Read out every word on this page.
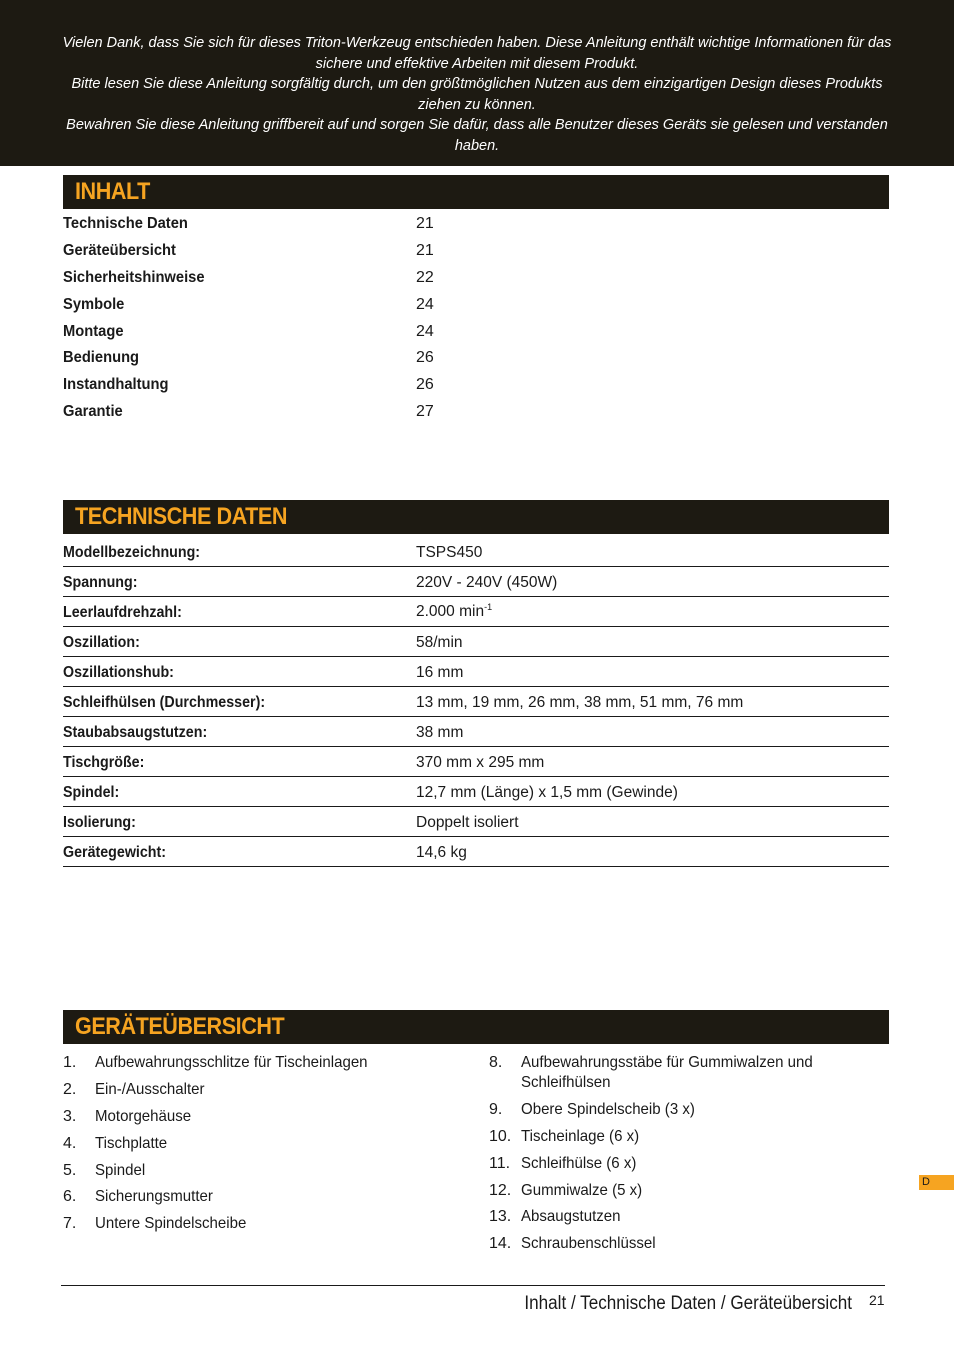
Vielen Dank, dass Sie sich für dieses Triton-Werkzeug entschieden haben. Diese Anleitung enthält wichtige Informationen für das sichere und effektive Arbeiten mit diesem Produkt.

Bitte lesen Sie diese Anleitung sorgfältig durch, um den größtmöglichen Nutzen aus dem einzigartigen Design dieses Produkts ziehen zu können.

Bewahren Sie diese Anleitung griffbereit auf und sorgen Sie dafür, dass alle Benutzer dieses Geräts sie gelesen und verstanden haben.

INHALT
Technische Daten	21
Geräteübersicht	21
Sicherheitshinweise	22
Symbole	24
Montage	24
Bedienung	26
Instandhaltung	26
Garantie	27
TECHNISCHE DATEN
Modellbezeichnung:	TSPS450
Spannung:	220V - 240V (450W)
Leerlaufdrehzahl:	2.000 $\min^{-1}$
Oszillation:	58/min
Oszillationshub:	16 mm
Schleifhülsen (Durchmesser):	13 mm, 19 mm, 26 mm, 38 mm, 51 mm, 76 mm
Staubabsaugstutzen:	38 mm
Tischgröße:	370 mm x 295 mm
Spindel:	12,7 mm (Länge) x 1,5 mm (Gewinde)
Isolierung:	Doppelt isoliert
Gerätegewicht:	14,6 kg
GERÄTEÜBERSICHT
1.	Aufbewahrungsschlitze für Tischeinlagen
2.	Ein-/Ausschalter
3.	Motorgehäuse
4.	Tischplatte
5.	Spindel
6.	Sicherungsmutter
7.	Untere Spindelscheibe
8.	Aufbewahrungsstäbe für Gummiwalzen und Schleifhülsen
9.	Obere Spindelscheib (3 x)
10. Tischeinlage (6 x)
11. Schleifhülse (6 x)
12. Gummiwalze (5 x)
13. Absaugstutzen
14. Schraubenschlüssel
D
Inhalt / Technische Daten / Geräteübersicht 21
